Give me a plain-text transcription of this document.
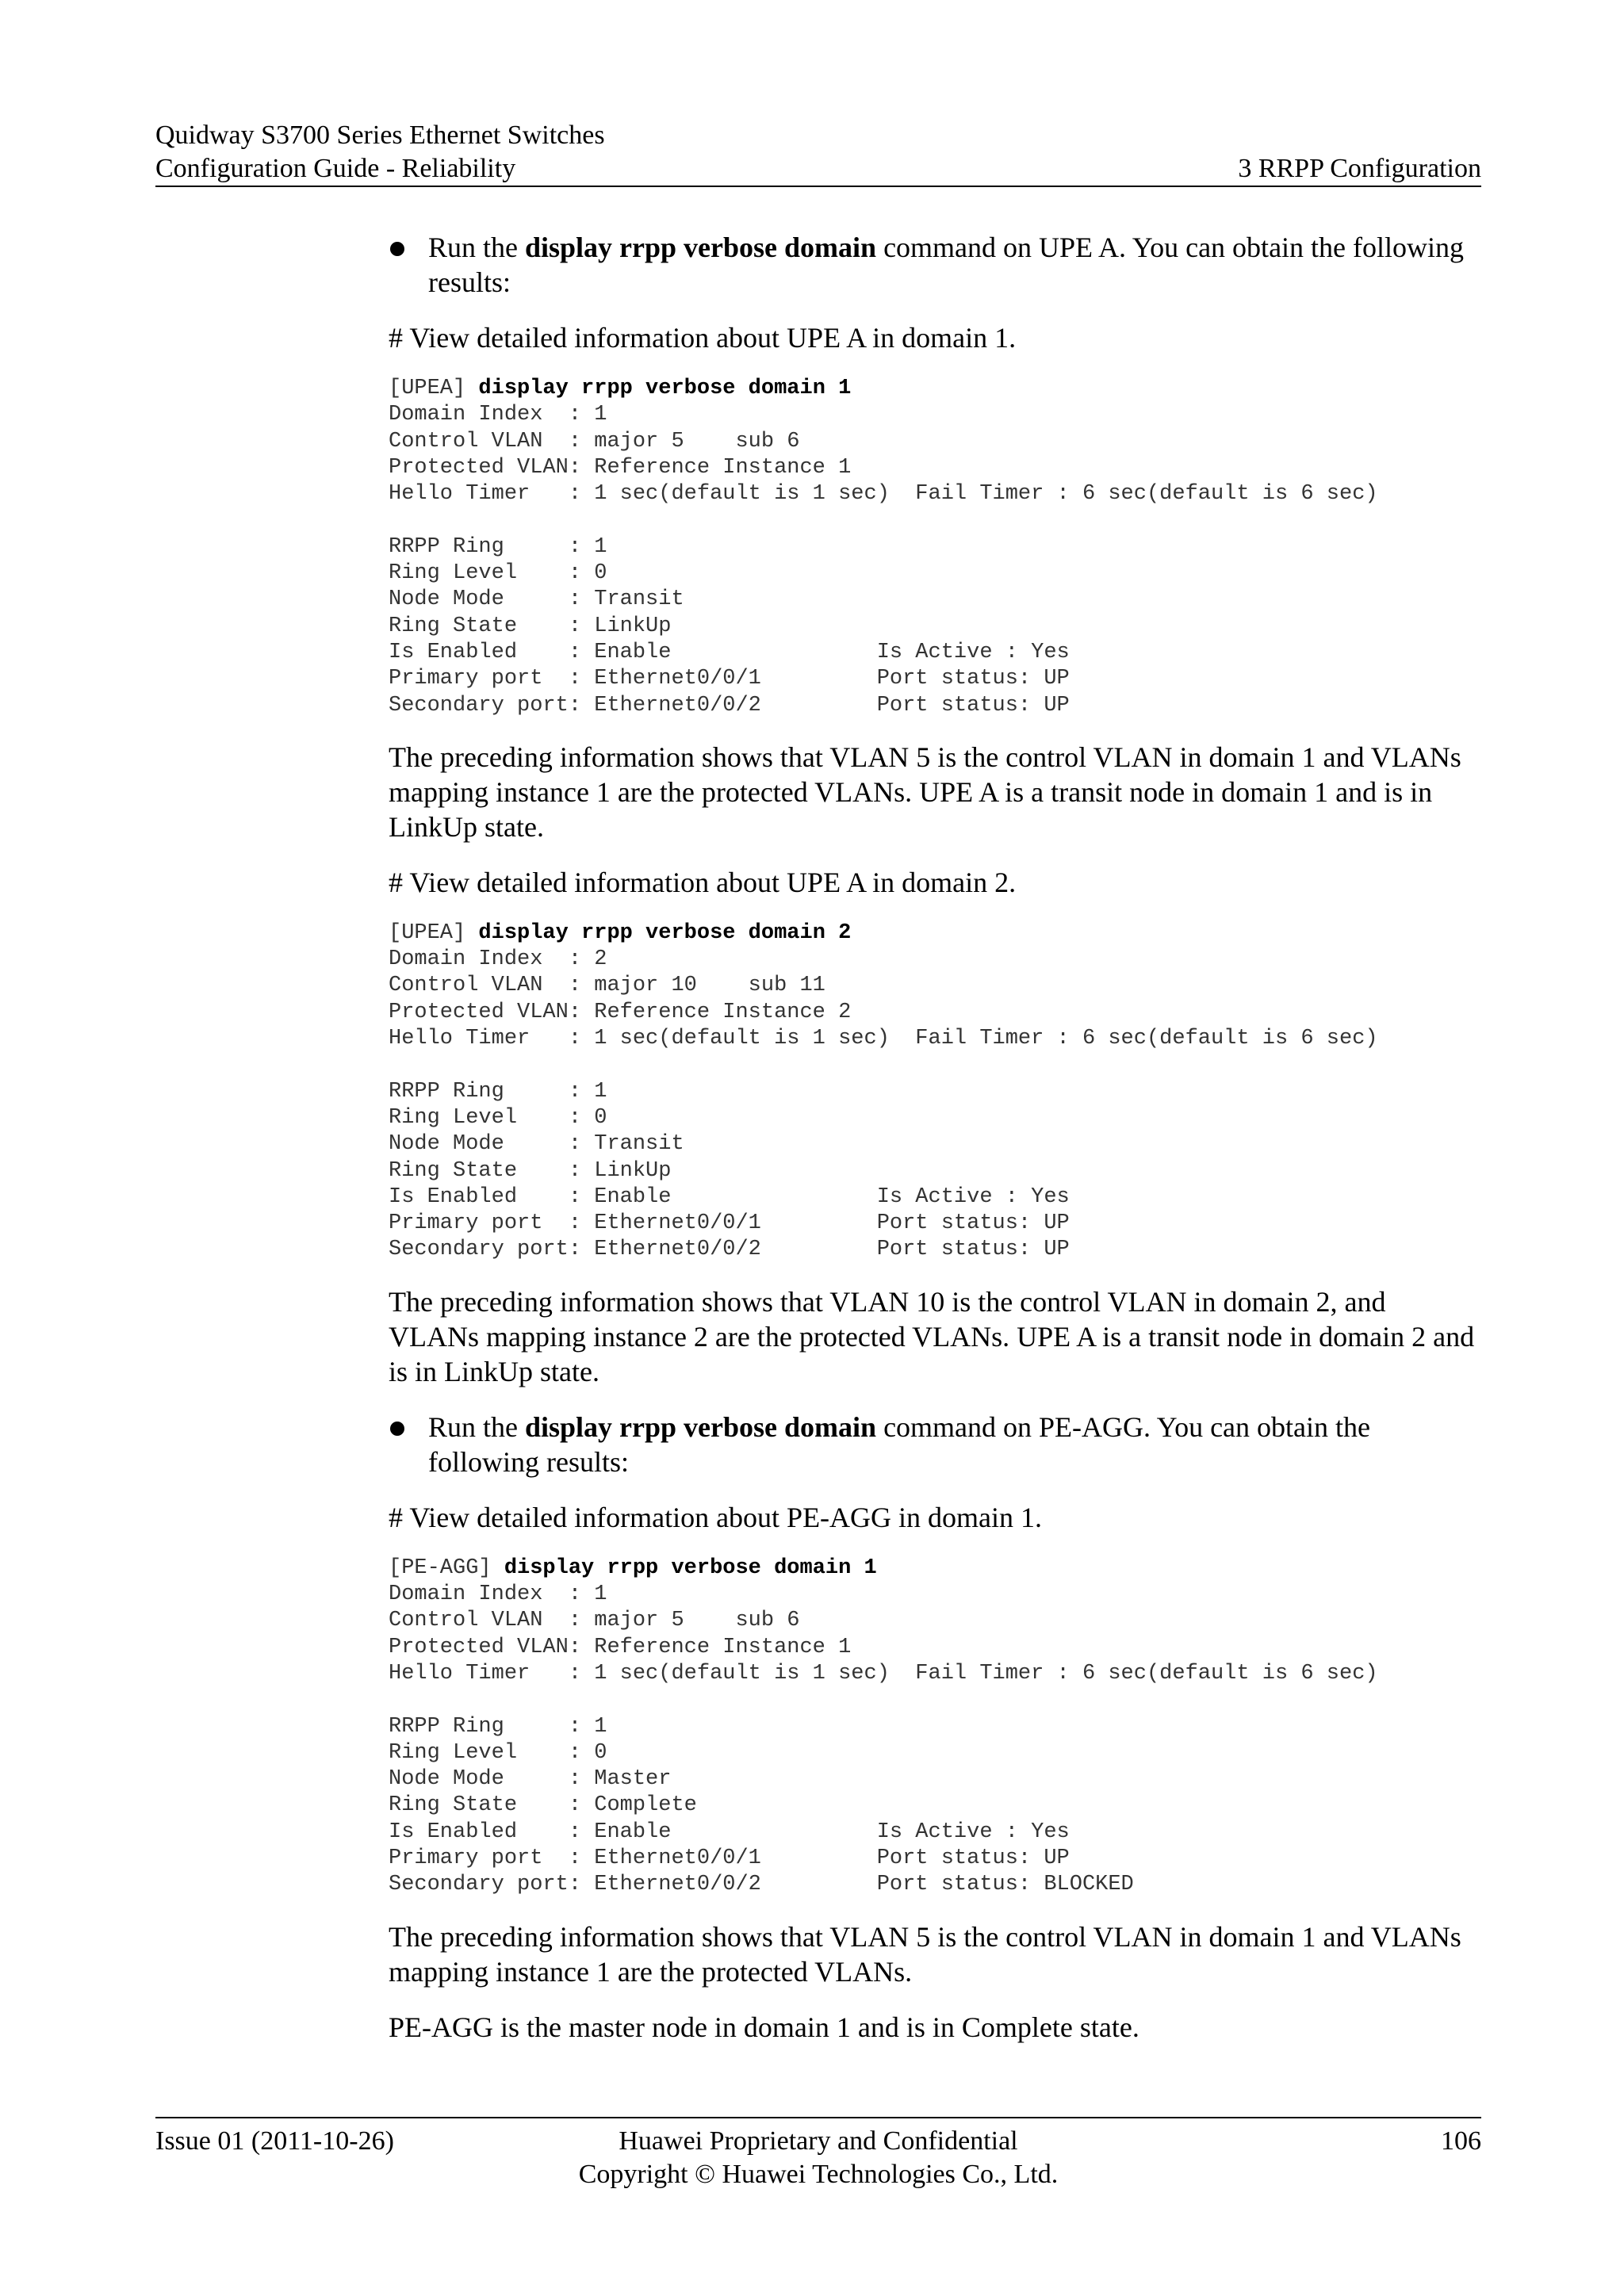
Quidway S3700 Series Ethernet Switches
Configuration Guide - Reliability	3 RRPP Configuration

Run the display rrpp verbose domain command on UPE A. You can obtain the following results:

# View detailed information about UPE A in domain 1.

[UPEA] display rrpp verbose domain 1
Domain Index  : 1
Control VLAN  : major 5    sub 6
Protected VLAN: Reference Instance 1
Hello Timer   : 1 sec(default is 1 sec)  Fail Timer : 6 sec(default is 6 sec)

RRPP Ring     : 1
Ring Level    : 0
Node Mode     : Transit
Ring State    : LinkUp
Is Enabled    : Enable                Is Active : Yes
Primary port  : Ethernet0/0/1         Port status: UP
Secondary port: Ethernet0/0/2         Port status: UP

The preceding information shows that VLAN 5 is the control VLAN in domain 1 and VLANs mapping instance 1 are the protected VLANs. UPE A is a transit node in domain 1 and is in LinkUp state.

# View detailed information about UPE A in domain 2.

[UPEA] display rrpp verbose domain 2
Domain Index  : 2
Control VLAN  : major 10    sub 11
Protected VLAN: Reference Instance 2
Hello Timer   : 1 sec(default is 1 sec)  Fail Timer : 6 sec(default is 6 sec)

RRPP Ring     : 1
Ring Level    : 0
Node Mode     : Transit
Ring State    : LinkUp
Is Enabled    : Enable                Is Active : Yes
Primary port  : Ethernet0/0/1         Port status: UP
Secondary port: Ethernet0/0/2         Port status: UP

The preceding information shows that VLAN 10 is the control VLAN in domain 2, and VLANs mapping instance 2 are the protected VLANs. UPE A is a transit node in domain 2 and is in LinkUp state.

Run the display rrpp verbose domain command on PE-AGG. You can obtain the following results:

# View detailed information about PE-AGG in domain 1.

[PE-AGG] display rrpp verbose domain 1
Domain Index  : 1
Control VLAN  : major 5    sub 6
Protected VLAN: Reference Instance 1
Hello Timer   : 1 sec(default is 1 sec)  Fail Timer : 6 sec(default is 6 sec)

RRPP Ring     : 1
Ring Level    : 0
Node Mode     : Master
Ring State    : Complete
Is Enabled    : Enable                Is Active : Yes
Primary port  : Ethernet0/0/1         Port status: UP
Secondary port: Ethernet0/0/2         Port status: BLOCKED

The preceding information shows that VLAN 5 is the control VLAN in domain 1 and VLANs mapping instance 1 are the protected VLANs.

PE-AGG is the master node in domain 1 and is in Complete state.

Issue 01 (2011-10-26)	Huawei Proprietary and Confidential
Copyright © Huawei Technologies Co., Ltd.
106
